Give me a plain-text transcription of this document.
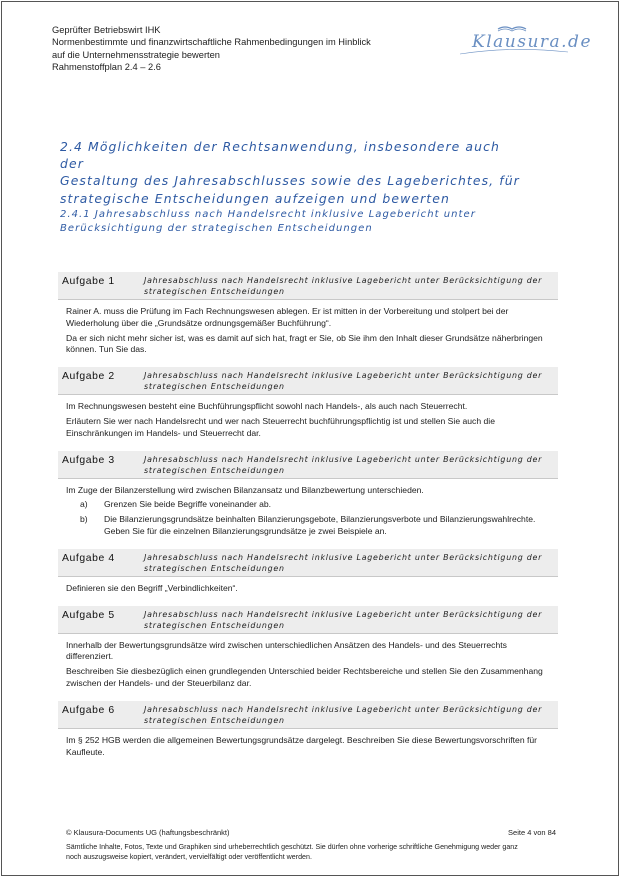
Geprüfter Betriebswirt IHK
Normenbestimmte und finanzwirtschaftliche Rahmenbedingungen im Hinblick
auf die Unternehmensstrategie bewerten
Rahmenstoffplan 2.4 – 2.6
Klausura.de
2.4 Möglichkeiten der Rechtsanwendung, insbesondere auch der
Gestaltung des Jahresabschlusses sowie des Lageberichtes, für
strategische Entscheidungen aufzeigen und bewerten
2.4.1 Jahresabschluss nach Handelsrecht inklusive Lagebericht unter
Berücksichtigung der strategischen Entscheidungen
Aufgabe 1	Jahresabschluss nach Handelsrecht inklusive Lagebericht unter Berücksichtigung der
strategischen Entscheidungen

Rainer A. muss die Prüfung im Fach Rechnungswesen ablegen. Er ist mitten in der Vorbereitung und stolpert bei der Wiederholung über die „Grundsätze ordnungsgemäßer Buchführung“.

Da er sich nicht mehr sicher ist, was es damit auf sich hat, fragt er Sie, ob Sie ihm den Inhalt dieser Grundsätze näherbringen können. Tun Sie das.

Aufgabe 2	Jahresabschluss nach Handelsrecht inklusive Lagebericht unter Berücksichtigung der
strategischen Entscheidungen

Im Rechnungswesen besteht eine Buchführungspflicht sowohl nach Handels-, als auch nach Steuerrecht.

Erläutern Sie wer nach Handelsrecht und wer nach Steuerrecht buchführungspflichtig ist und stellen Sie auch die Einschränkungen im Handels- und Steuerrecht dar.

Aufgabe 3	Jahresabschluss nach Handelsrecht inklusive Lagebericht unter Berücksichtigung der
strategischen Entscheidungen

Im Zuge der Bilanzerstellung wird zwischen Bilanzansatz und Bilanzbewertung unterschieden.

a)	Grenzen Sie beide Begriffe voneinander ab.
b)	Die Bilanzierungsgrundsätze beinhalten Bilanzierungsgebote, Bilanzierungsverbote und Bilanzierungswahlrechte. Geben Sie für die einzelnen Bilanzierungsgrundsätze je zwei Beispiele an.
Aufgabe 4	Jahresabschluss nach Handelsrecht inklusive Lagebericht unter Berücksichtigung der
strategischen Entscheidungen

Definieren sie den Begriff „Verbindlichkeiten“.

Aufgabe 5	Jahresabschluss nach Handelsrecht inklusive Lagebericht unter Berücksichtigung der
strategischen Entscheidungen

Innerhalb der Bewertungsgrundsätze wird zwischen unterschiedlichen Ansätzen des Handels- und des Steuerrechts differenziert.

Beschreiben Sie diesbezüglich einen grundlegenden Unterschied beider Rechtsbereiche und stellen Sie den Zusammenhang zwischen der Handels- und der Steuerbilanz dar.

Aufgabe 6	Jahresabschluss nach Handelsrecht inklusive Lagebericht unter Berücksichtigung der
strategischen Entscheidungen

Im § 252 HGB werden die allgemeinen Bewertungsgrundsätze dargelegt. Beschreiben Sie diese Bewertungsvorschriften für Kaufleute.

© Klausura-Documents UG (haftungsbeschränkt)	Seite 4 von 84
Sämtliche Inhalte, Fotos, Texte und Graphiken sind urheberrechtlich geschützt. Sie dürfen ohne vorherige schriftliche Genehmigung weder ganz
noch auszugsweise kopiert, verändert, vervielfältigt oder veröffentlicht werden.
